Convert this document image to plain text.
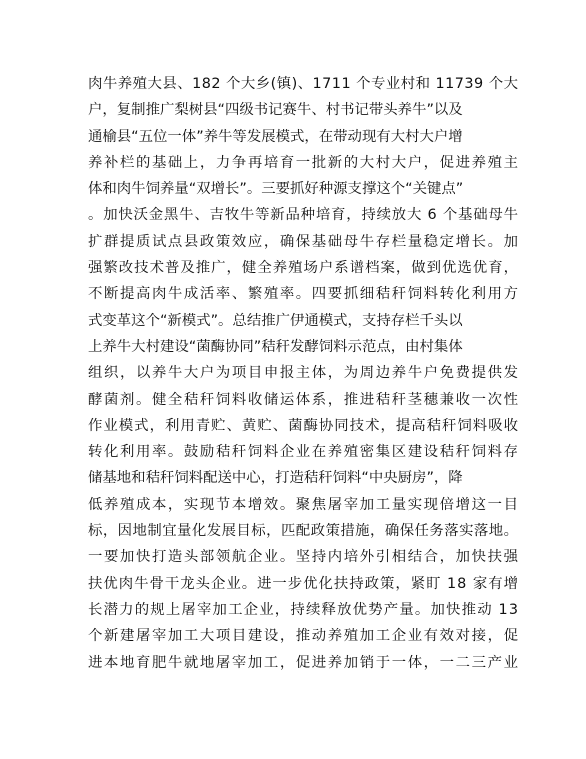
肉牛养殖大县、182 个大乡(镇)、1711 个专业村和 11739 个大
户，复制推广梨树县“四级书记赛牛、村书记带头养牛”以及
通榆县“五位一体”养牛等发展模式，在带动现有大村大户增
养补栏的基础上，力争再培育一批新的大村大户，促进养殖主
体和肉牛饲养量“双增长”。三要抓好种源支撑这个“关键点”
。加快沃金黑牛、吉牧牛等新品种培育，持续放大 6 个基础母牛
扩群提质试点县政策效应，确保基础母牛存栏量稳定增长。加
强繁改技术普及推广，健全养殖场户系谱档案，做到优选优育，
不断提高肉牛成活率、繁殖率。四要抓细秸秆饲料转化利用方
式变革这个“新模式”。总结推广伊通模式，支持存栏千头以
上养牛大村建设“菌酶协同”秸秆发酵饲料示范点，由村集体
组织，以养牛大户为项目申报主体，为周边养牛户免费提供发
酵菌剂。健全秸秆饲料收储运体系，推进秸秆茎穗兼收一次性
作业模式，利用青贮、黄贮、菌酶协同技术，提高秸秆饲料吸收
转化利用率。鼓励秸秆饲料企业在养殖密集区建设秸秆饲料存
储基地和秸秆饲料配送中心，打造秸秆饲料“中央厨房”，降
低养殖成本，实现节本增效。聚焦屠宰加工量实现倍增这一目
标，因地制宜量化发展目标，匹配政策措施，确保任务落实落地。
一要加快打造头部领航企业。坚持内培外引相结合，加快扶强
扶优肉牛骨干龙头企业。进一步优化扶持政策，紧盯 18 家有增
长潜力的规上屠宰加工企业，持续释放优势产量。加快推动 13
个新建屠宰加工大项目建设，推动养殖加工企业有效对接，促
进本地育肥牛就地屠宰加工，促进养加销于一体，一二三产业
